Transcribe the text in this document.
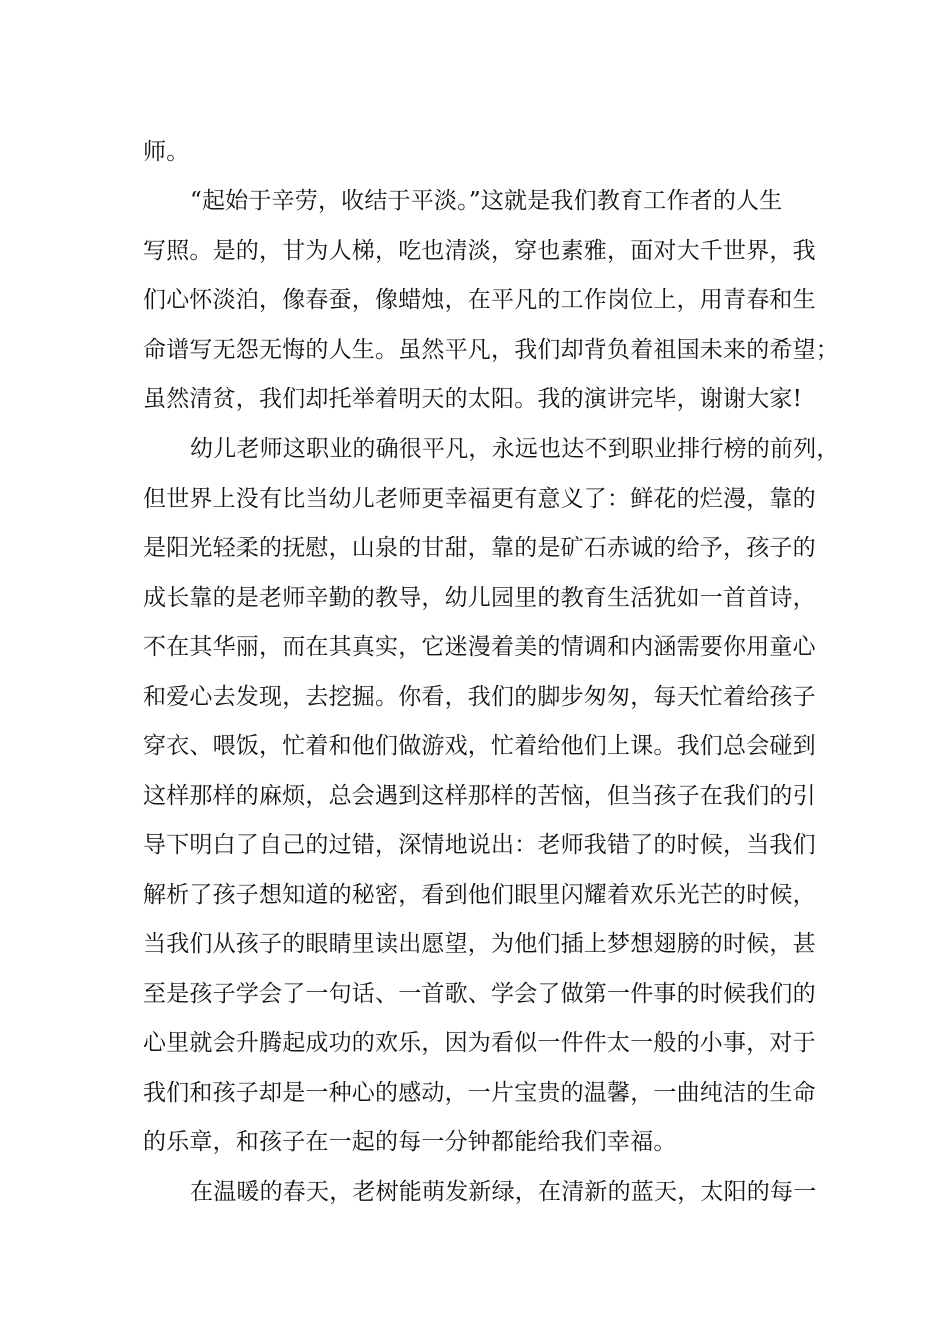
师。
“起始于辛劳，收结于平淡。”这就是我们教育工作者的人生
写照。是的，甘为人梯，吃也清淡，穿也素雅，面对大千世界，我
们心怀淡泊，像春蚕，像蜡烛，在平凡的工作岗位上，用青春和生
命谱写无怨无悔的人生。虽然平凡，我们却背负着祖国未来的希望；
虽然清贫，我们却托举着明天的太阳。我的演讲完毕，谢谢大家!
幼儿老师这职业的确很平凡，永远也达不到职业排行榜的前列，
但世界上没有比当幼儿老师更幸福更有意义了：鲜花的烂漫，靠的
是阳光轻柔的抚慰，山泉的甘甜，靠的是矿石赤诚的给予，孩子的
成长靠的是老师辛勤的教导，幼儿园里的教育生活犹如一首首诗，
不在其华丽，而在其真实，它迷漫着美的情调和内涵需要你用童心
和爱心去发现，去挖掘。你看，我们的脚步匆匆，每天忙着给孩子
穿衣、喂饭，忙着和他们做游戏，忙着给他们上课。我们总会碰到
这样那样的麻烦，总会遇到这样那样的苦恼，但当孩子在我们的引
导下明白了自己的过错，深情地说出：老师我错了的时候，当我们
解析了孩子想知道的秘密，看到他们眼里闪耀着欢乐光芒的时候，
当我们从孩子的眼睛里读出愿望，为他们插上梦想翅膀的时候，甚
至是孩子学会了一句话、一首歌、学会了做第一件事的时候我们的
心里就会升腾起成功的欢乐，因为看似一件件太一般的小事，对于
我们和孩子却是一种心的感动，一片宝贵的温馨，一曲纯洁的生命
的乐章，和孩子在一起的每一分钟都能给我们幸福。
在温暖的春天，老树能萌发新绿，在清新的蓝天，太阳的每一
